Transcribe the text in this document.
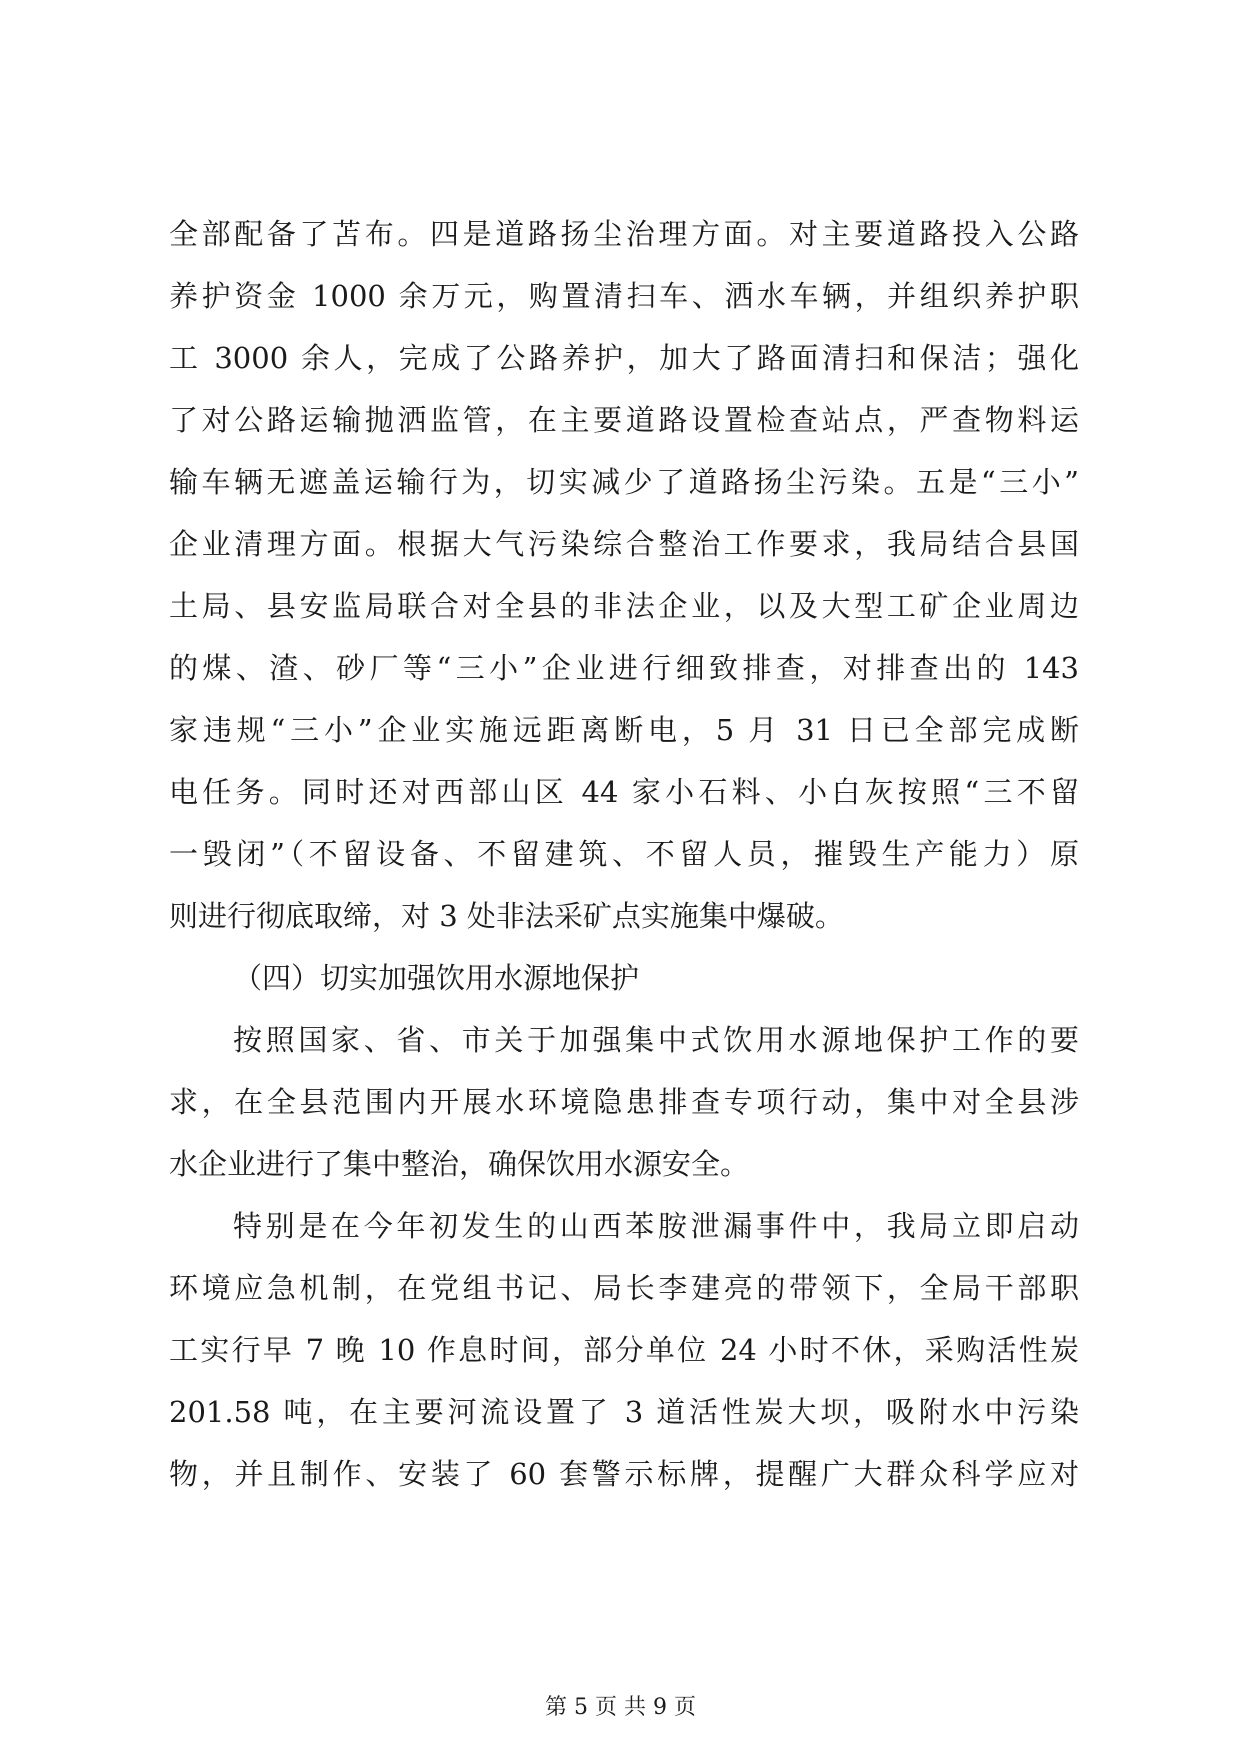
全部配备了苫布。四是道路扬尘治理方面。对主要道路投入公路
养护资金 1000 余万元，购置清扫车、洒水车辆，并组织养护职
工 3000 余人，完成了公路养护，加大了路面清扫和保洁；强化
了对公路运输抛洒监管，在主要道路设置检查站点，严查物料运
输车辆无遮盖运输行为，切实减少了道路扬尘污染。五是“三小”
企业清理方面。根据大气污染综合整治工作要求，我局结合县国
土局、县安监局联合对全县的非法企业，以及大型工矿企业周边
的煤、渣、砂厂等“三小”企业进行细致排查，对排查出的 143
家违规“三小”企业实施远距离断电，5 月 31 日已全部完成断
电任务。同时还对西部山区 44 家小石料、小白灰按照“三不留
一毁闭”（不留设备、不留建筑、不留人员，摧毁生产能力）原
则进行彻底取缔，对 3 处非法采矿点实施集中爆破。
（四）切实加强饮用水源地保护
按照国家、省、市关于加强集中式饮用水源地保护工作的要
求，在全县范围内开展水环境隐患排查专项行动，集中对全县涉
水企业进行了集中整治，确保饮用水源安全。
特别是在今年初发生的山西苯胺泄漏事件中，我局立即启动
环境应急机制，在党组书记、局长李建亮的带领下，全局干部职
工实行早 7 晚 10 作息时间，部分单位 24 小时不休，采购活性炭
201.58 吨，在主要河流设置了 3 道活性炭大坝，吸附水中污染
物，并且制作、安装了 60 套警示标牌，提醒广大群众科学应对
第 5 页 共 9 页
